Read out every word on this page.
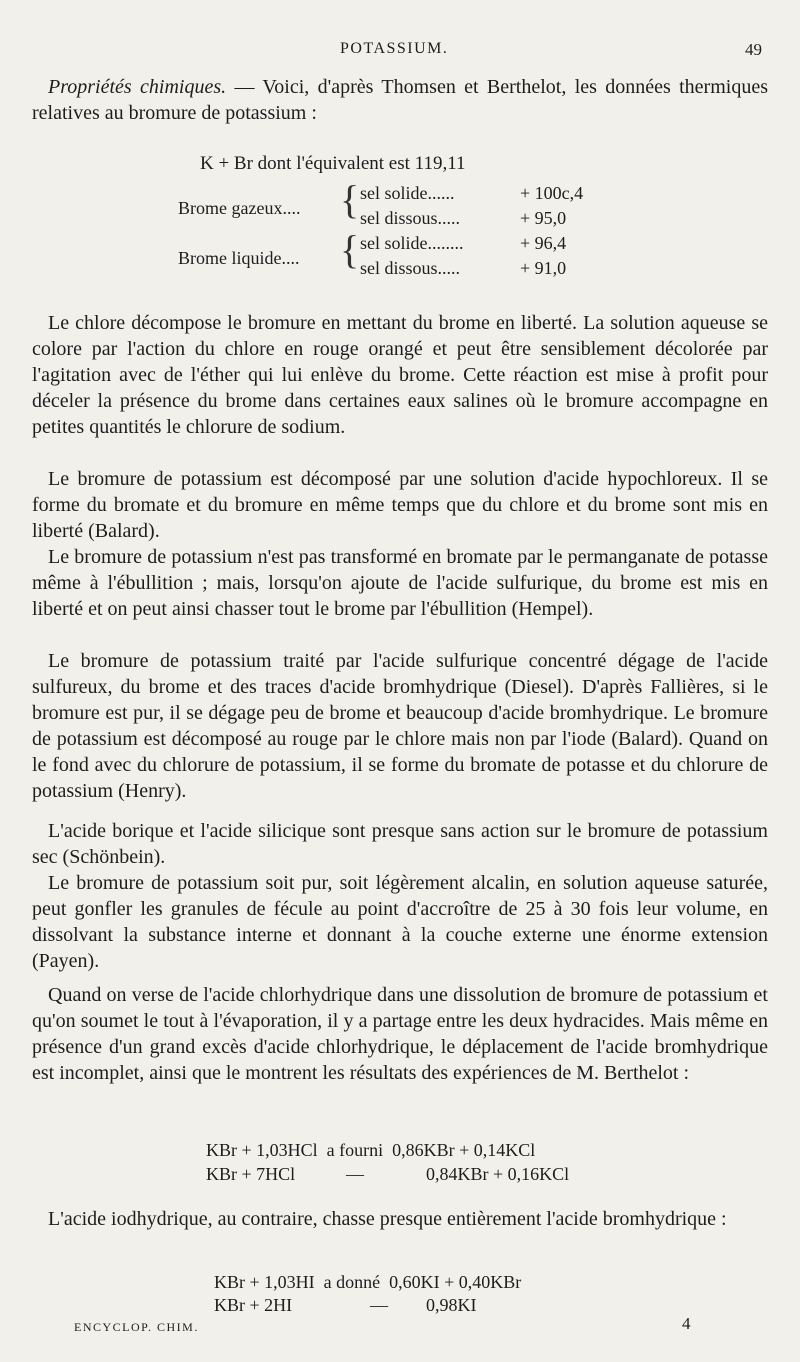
POTASSIUM.	49

Propriétés chimiques. — Voici, d'après Thomsen et Berthelot, les données thermiques relatives au bromure de potassium :

K + Br dont l'équivalent est 119,11
Brome gazeux.... { sel solide......	+ 100c,4
sel dissous.....	+ 95,0
Brome liquide.... { sel solide........	+ 96,4
sel dissous.....	+ 91,0

Le chlore décompose le bromure en mettant du brome en liberté. La solution aqueuse se colore par l'action du chlore en rouge orangé et peut être sensiblement décolorée par l'agitation avec de l'éther qui lui enlève du brome. Cette réaction est mise à profit pour déceler la présence du brome dans certaines eaux salines où le bromure accompagne en petites quantités le chlorure de sodium.

Le bromure de potassium est décomposé par une solution d'acide hypochloreux. Il se forme du bromate et du bromure en même temps que du chlore et du brome sont mis en liberté (Balard).

Le bromure de potassium n'est pas transformé en bromate par le permanganate de potasse même à l'ébullition ; mais, lorsqu'on ajoute de l'acide sulfurique, du brome est mis en liberté et on peut ainsi chasser tout le brome par l'ébullition (Hempel).

Le bromure de potassium traité par l'acide sulfurique concentré dégage de l'acide sulfureux, du brome et des traces d'acide bromhydrique (Diesel). D'après Fallières, si le bromure est pur, il se dégage peu de brome et beaucoup d'acide bromhydrique. Le bromure de potassium est décomposé au rouge par le chlore mais non par l'iode (Balard). Quand on le fond avec du chlorure de potassium, il se forme du bromate de potasse et du chlorure de potassium (Henry).

L'acide borique et l'acide silicique sont presque sans action sur le bromure de potassium sec (Schönbein).

Le bromure de potassium soit pur, soit légèrement alcalin, en solution aqueuse saturée, peut gonfler les granules de fécule au point d'accroître de 25 à 30 fois leur volume, en dissolvant la substance interne et donnant à la couche externe une énorme extension (Payen).

Quand on verse de l'acide chlorhydrique dans une dissolution de bromure de potassium et qu'on soumet le tout à l'évaporation, il y a partage entre les deux hydracides. Mais même en présence d'un grand excès d'acide chlorhydrique, le déplacement de l'acide bromhydrique est incomplet, ainsi que le montrent les résultats des expériences de M. Berthelot :

KBr + 1,03HCl a fourni 0,86KBr + 0,14KCl
KBr + 7HCl	—	0,84KBr + 0,16KCl

L'acide iodhydrique, au contraire, chasse presque entièrement l'acide bromhydrique :

KBr + 1,03HI a donné 0,60KI + 0,40KBr
KBr + 2HI	— 0,98KI
ENCYCLOP. CHIM.	4
